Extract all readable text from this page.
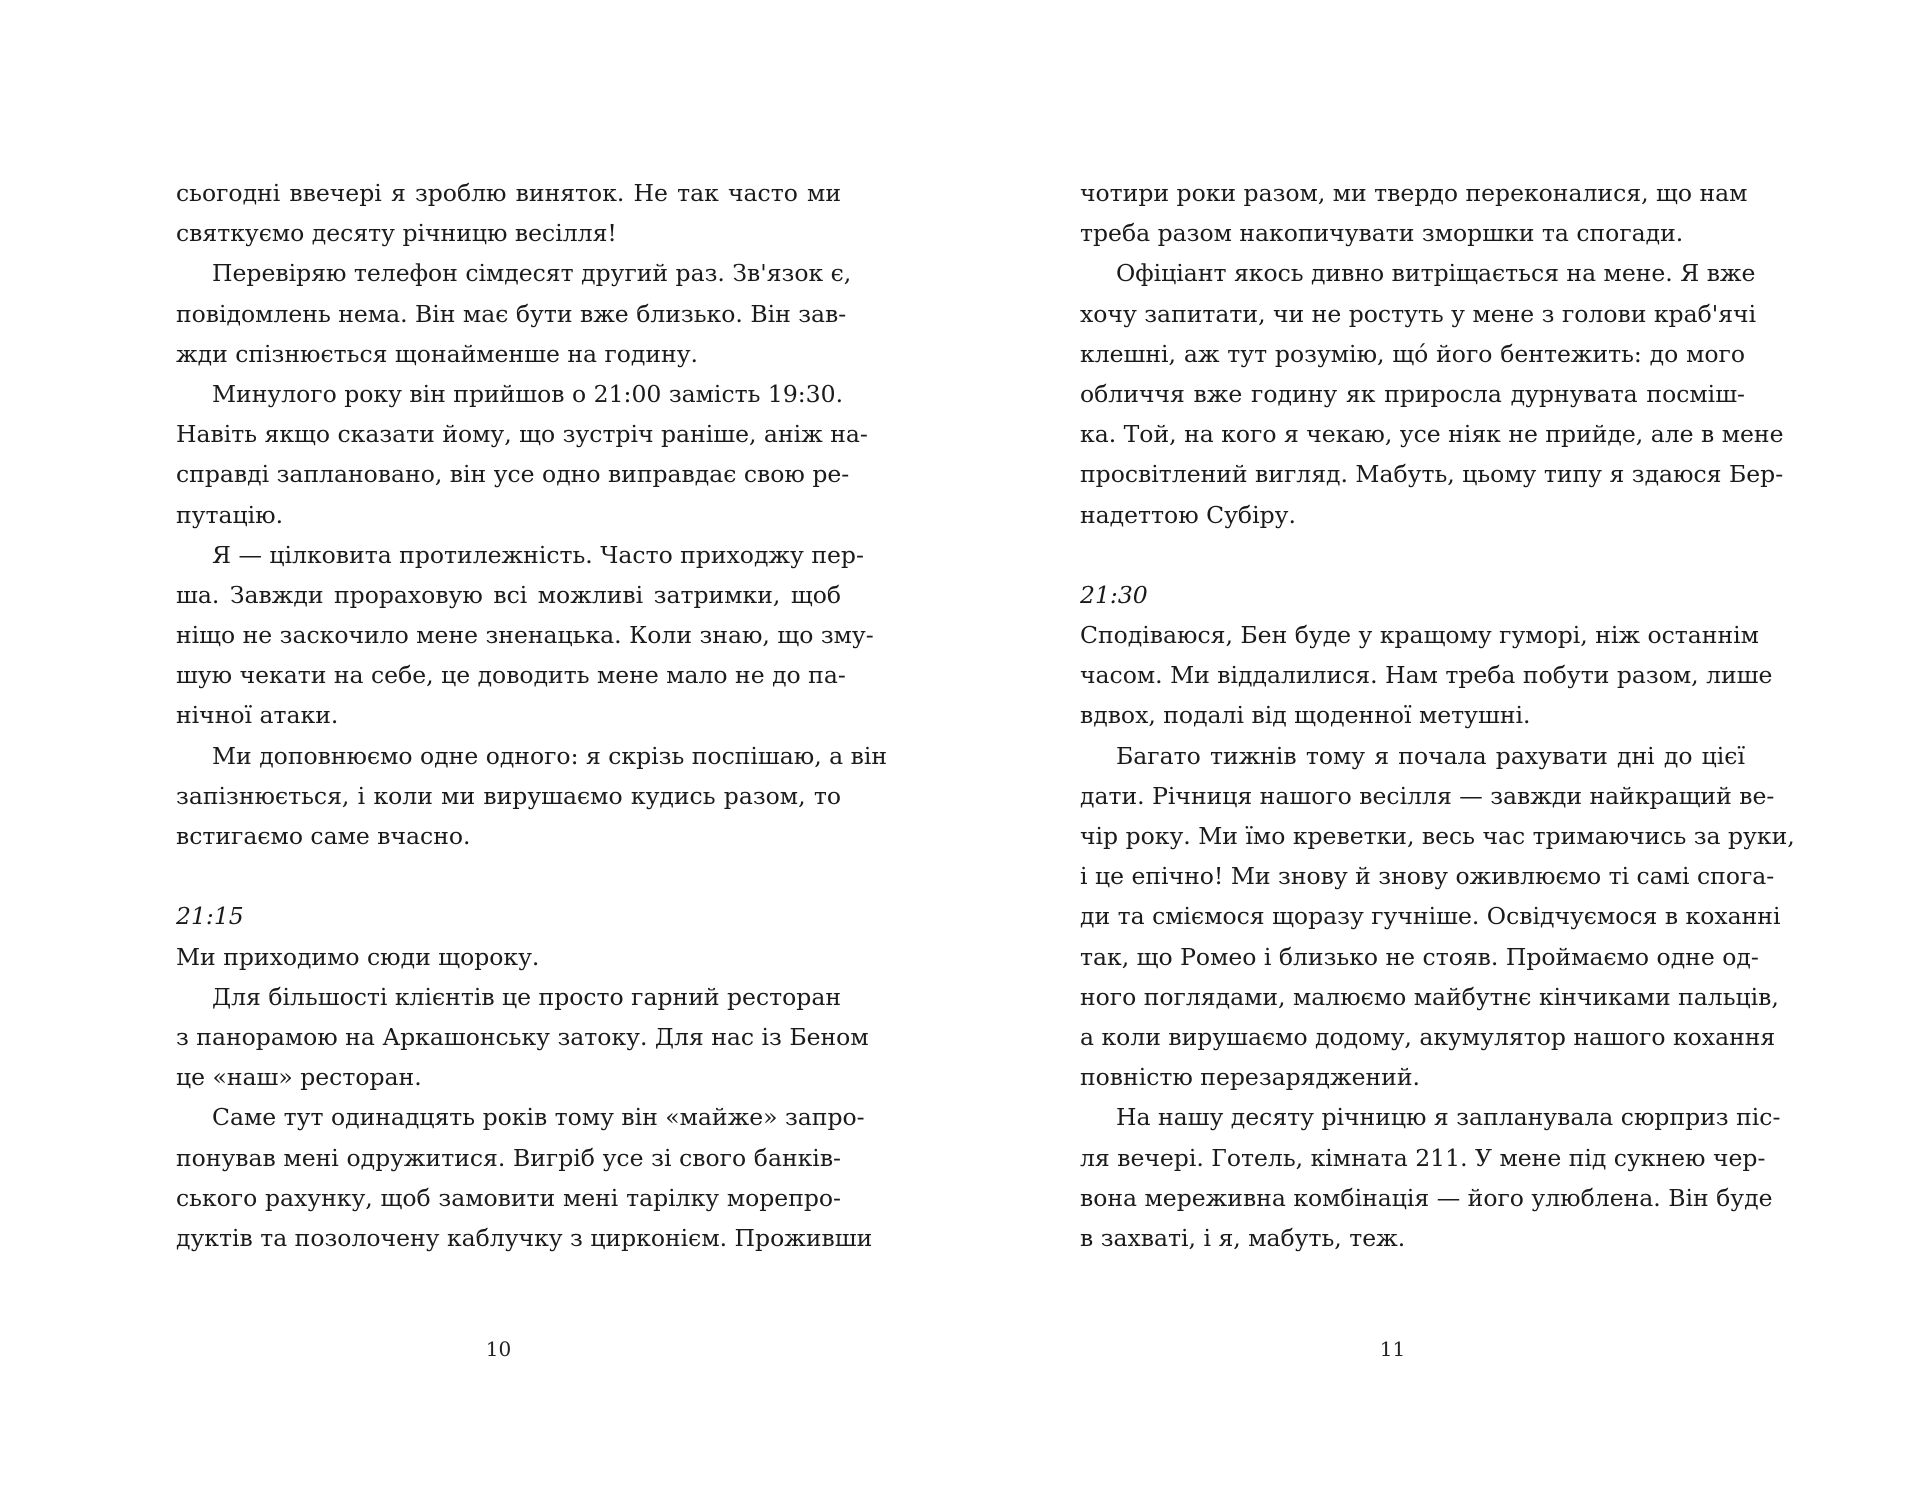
сьогодні ввечері я зроблю виняток. Не так часто ми
святкуємо десяту річницю весілля!
Перевіряю телефон сімдесят другий раз. Зв'язок є,
повідомлень нема. Він має бути вже близько. Він зав-
жди спізнюється щонайменше на годину.
Минулого року він прийшов о 21:00 замість 19:30.
Навіть якщо сказати йому, що зустріч раніше, аніж на-
справді заплановано, він усе одно виправдає свою ре-
путацію.
Я — цілковита протилежність. Часто приходжу пер-
ша. Завжди прораховую всі можливі затримки, щоб
ніщо не заскочило мене зненацька. Коли знаю, що зму-
шую чекати на себе, це доводить мене мало не до па-
нічної атаки.
Ми доповнюємо одне одного: я скрізь поспішаю, а він
запізнюється, і коли ми вирушаємо кудись разом, то
встигаємо саме вчасно.
21:15
Ми приходимо сюди щороку.
Для більшості клієнтів це просто гарний ресторан
з панорамою на Аркашонську затоку. Для нас із Беном
це «наш» ресторан.
Саме тут одинадцять років тому він «майже» запро-
понував мені одружитися. Вигріб усе зі свого банків-
ського рахунку, щоб замовити мені тарілку морепро-
дуктів та позолочену каблучку з цирконієм. Проживши
10
чотири роки разом, ми твердо переконалися, що нам
треба разом накопичувати зморшки та спогади.
Офіціант якось дивно витріщається на мене. Я вже
хочу запитати, чи не ростуть у мене з голови краб'ячі
клешні, аж тут розумію, щó його бентежить: до мого
обличчя вже годину як приросла дурнувата посміш-
ка. Той, на кого я чекаю, усе ніяк не прийде, але в мене
просвітлений вигляд. Мабуть, цьому типу я здаюся Бер-
надеттою Субіру.
21:30
Сподіваюся, Бен буде у кращому гуморі, ніж останнім
часом. Ми віддалилися. Нам треба побути разом, лише
вдвох, подалі від щоденної метушні.
Багато тижнів тому я почала рахувати дні до цієї
дати. Річниця нашого весілля — завжди найкращий ве-
чір року. Ми їмо креветки, весь час тримаючись за руки,
і це епічно! Ми знову й знову оживлюємо ті самі спога-
ди та сміємося щоразу гучніше. Освідчуємося в коханні
так, що Ромео і близько не стояв. Проймаємо одне од-
ного поглядами, малюємо майбутнє кінчиками пальців,
а коли вирушаємо додому, акумулятор нашого кохання
повністю перезаряджений.
На нашу десяту річницю я запланувала сюрприз піс-
ля вечері. Готель, кімната 211. У мене під сукнею чер-
вона мереживна комбінація — його улюблена. Він буде
в захваті, і я, мабуть, теж.
11
